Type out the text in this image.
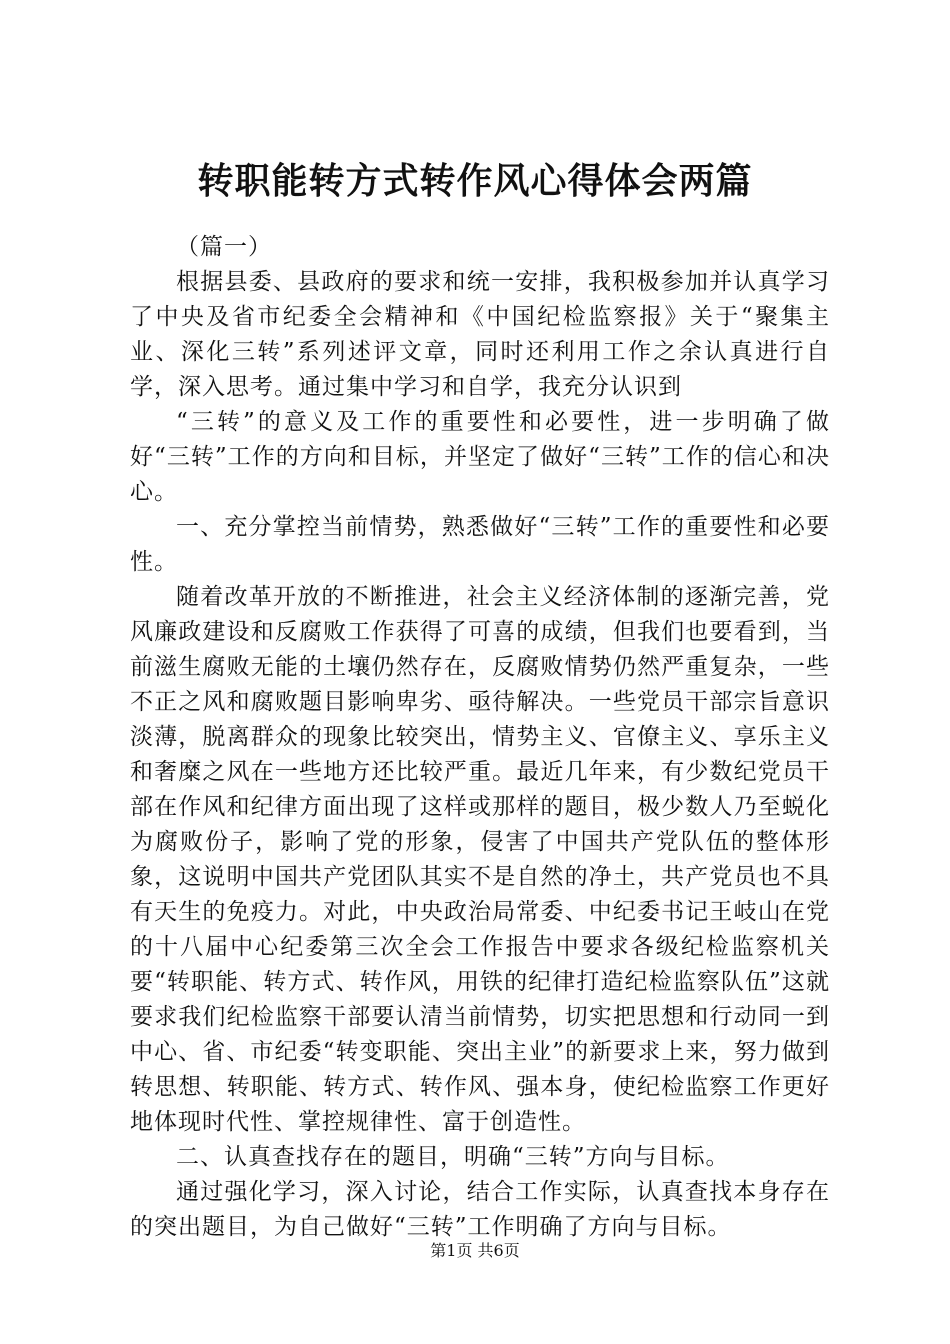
转职能转方式转作风心得体会两篇

（篇一）

根据县委、县政府的要求和统一安排，我积极参加并认真学习了中央及省市纪委全会精神和《中国纪检监察报》关于“聚集主业、深化三转”系列述评文章，同时还利用工作之余认真进行自学，深入思考。通过集中学习和自学，我充分认识到

“三转”的意义及工作的重要性和必要性，进一步明确了做好“三转”工作的方向和目标，并坚定了做好“三转”工作的信心和决心。

一、充分掌控当前情势，熟悉做好“三转”工作的重要性和必要性。

随着改革开放的不断推进，社会主义经济体制的逐渐完善，党风廉政建设和反腐败工作获得了可喜的成绩，但我们也要看到，当前滋生腐败无能的土壤仍然存在，反腐败情势仍然严重复杂，一些不正之风和腐败题目影响卑劣、亟待解决。一些党员干部宗旨意识淡薄，脱离群众的现象比较突出，情势主义、官僚主义、享乐主义和奢糜之风在一些地方还比较严重。最近几年来，有少数纪党员干部在作风和纪律方面出现了这样或那样的题目，极少数人乃至蜕化为腐败份子，影响了党的形象，侵害了中国共产党队伍的整体形象，这说明中国共产党团队其实不是自然的净土，共产党员也不具有天生的免疫力。对此，中央政治局常委、中纪委书记王岐山在党的十八届中心纪委第三次全会工作报告中要求各级纪检监察机关要“转职能、转方式、转作风，用铁的纪律打造纪检监察队伍”这就要求我们纪检监察干部要认清当前情势，切实把思想和行动同一到中心、省、市纪委“转变职能、突出主业”的新要求上来，努力做到转思想、转职能、转方式、转作风、强本身，使纪检监察工作更好地体现时代性、掌控规律性、富于创造性。

二、认真查找存在的题目，明确“三转”方向与目标。

通过强化学习，深入讨论，结合工作实际，认真查找本身存在的突出题目，为自己做好“三转”工作明确了方向与目标。

第1页 共6页
